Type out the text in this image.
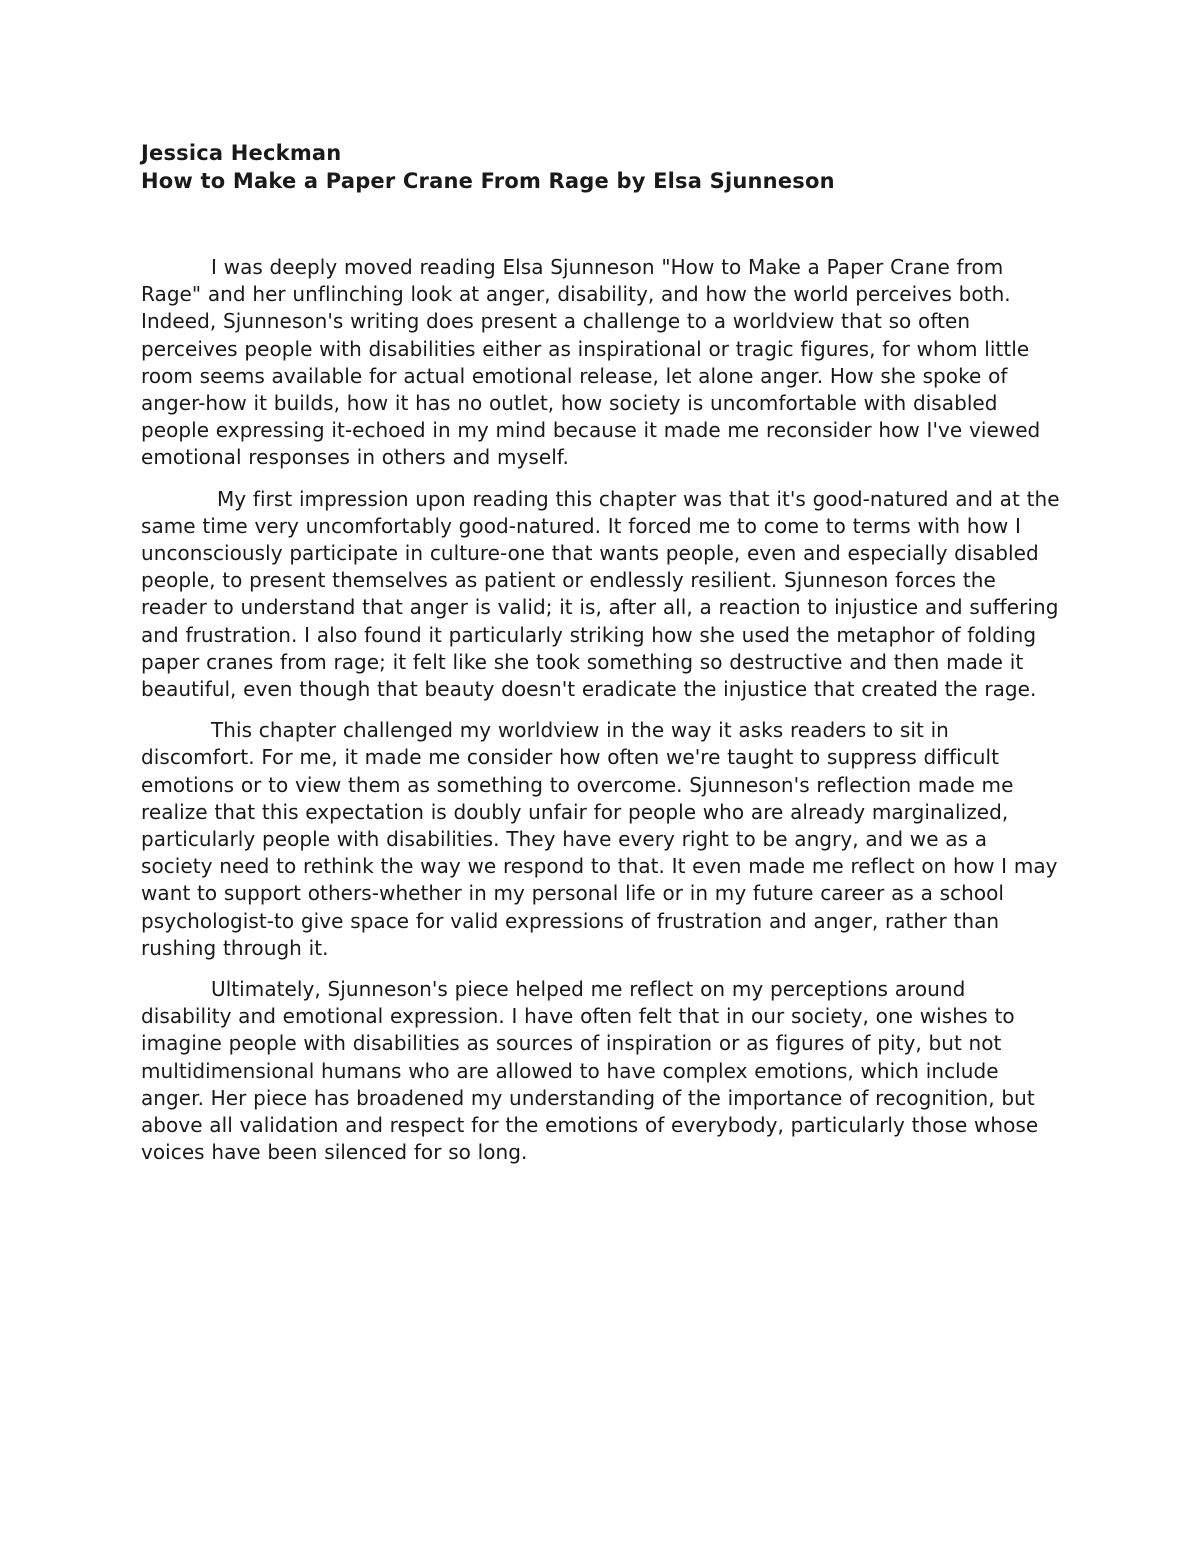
Jessica Heckman

How to Make a Paper Crane From Rage by Elsa Sjunneson

I was deeply moved reading Elsa Sjunneson "How to Make a Paper Crane from Rage" and her unflinching look at anger, disability, and how the world perceives both. Indeed, Sjunneson's writing does present a challenge to a worldview that so often perceives people with disabilities either as inspirational or tragic figures, for whom little room seems available for actual emotional release, let alone anger. How she spoke of anger-how it builds, how it has no outlet, how society is uncomfortable with disabled people expressing it-echoed in my mind because it made me reconsider how I've viewed emotional responses in others and myself.

My first impression upon reading this chapter was that it's good-natured and at the same time very uncomfortably good-natured. It forced me to come to terms with how I unconsciously participate in culture-one that wants people, even and especially disabled people, to present themselves as patient or endlessly resilient. Sjunneson forces the reader to understand that anger is valid; it is, after all, a reaction to injustice and suffering and frustration. I also found it particularly striking how she used the metaphor of folding paper cranes from rage; it felt like she took something so destructive and then made it beautiful, even though that beauty doesn't eradicate the injustice that created the rage.

This chapter challenged my worldview in the way it asks readers to sit in discomfort. For me, it made me consider how often we're taught to suppress difficult emotions or to view them as something to overcome. Sjunneson's reflection made me realize that this expectation is doubly unfair for people who are already marginalized, particularly people with disabilities. They have every right to be angry, and we as a society need to rethink the way we respond to that. It even made me reflect on how I may want to support others-whether in my personal life or in my future career as a school psychologist-to give space for valid expressions of frustration and anger, rather than rushing through it.

Ultimately, Sjunneson's piece helped me reflect on my perceptions around disability and emotional expression. I have often felt that in our society, one wishes to imagine people with disabilities as sources of inspiration or as figures of pity, but not multidimensional humans who are allowed to have complex emotions, which include anger. Her piece has broadened my understanding of the importance of recognition, but above all validation and respect for the emotions of everybody, particularly those whose voices have been silenced for so long.
